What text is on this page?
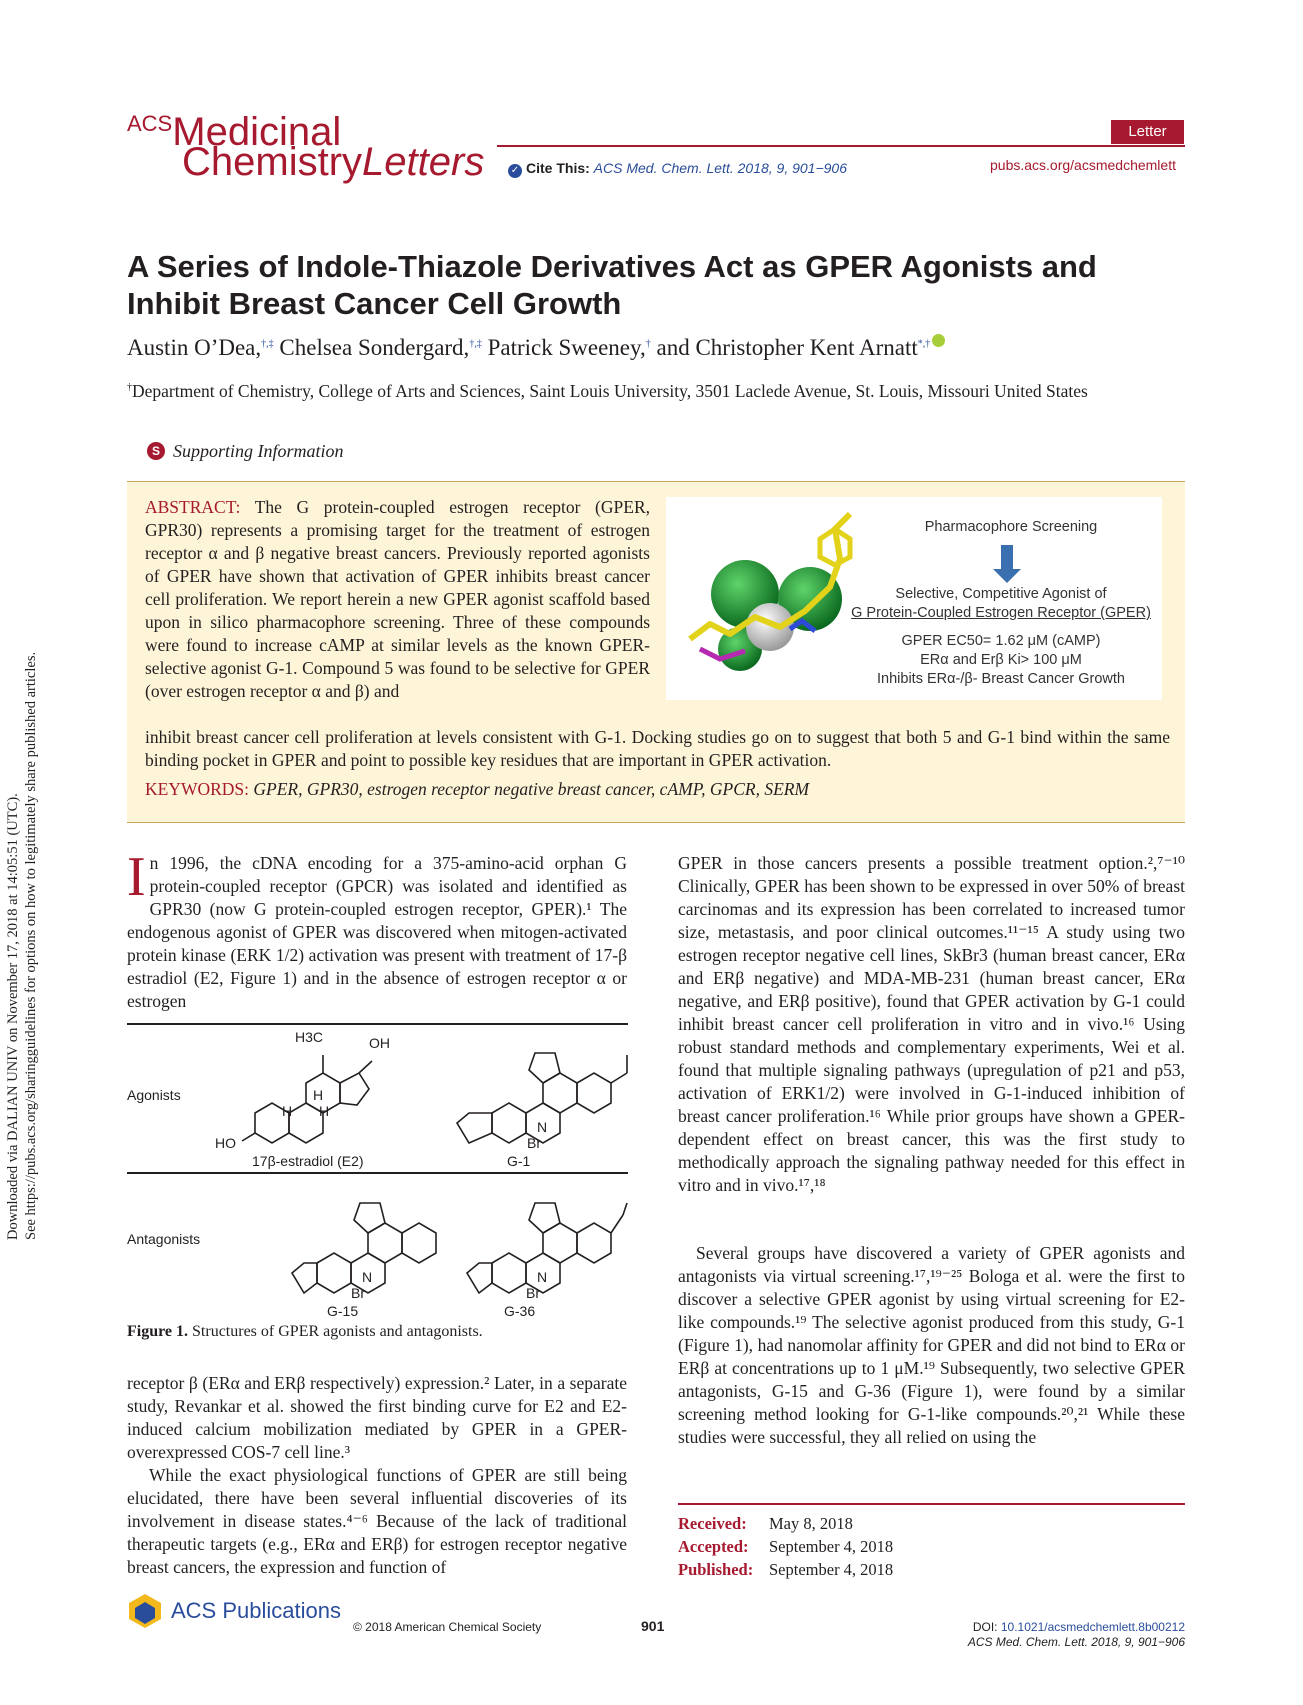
Downloaded via DALIAN UNIV on November 17, 2018 at 14:05:51 (UTC). See https://pubs.acs.org/sharingguidelines for options on how to legitimately share published articles.
$^{ACS}$Medicinal
ChemistryLetters
Letter
✓ Cite This: ACS Med. Chem. Lett. 2018, 9, 901−906	pubs.acs.org/acsmedchemlett
A Series of Indole-Thiazole Derivatives Act as GPER Agonists and Inhibit Breast Cancer Cell Growth
Austin O’Dea,†,‡ Chelsea Sondergard,†,‡ Patrick Sweeney,† and Christopher Kent Arnatt*,†
†Department of Chemistry, College of Arts and Sciences, Saint Louis University, 3501 Laclede Avenue, St. Louis, Missouri United States
S Supporting Information
ABSTRACT: The G protein-coupled estrogen receptor (GPER, GPR30) represents a promising target for the treatment of estrogen receptor α and β negative breast cancers. Previously reported agonists of GPER have shown that activation of GPER inhibits breast cancer cell proliferation. We report herein a new GPER agonist scaffold based upon in silico pharmacophore screening. Three of these compounds were found to increase cAMP at similar levels as the known GPER-selective agonist G-1. Compound 5 was found to be selective for GPER (over estrogen receptor α and β) and
inhibit breast cancer cell proliferation at levels consistent with G-1. Docking studies go on to suggest that both 5 and G-1 bind within the same binding pocket in GPER and point to possible key residues that are important in GPER activation.
KEYWORDS: GPER, GPR30, estrogen receptor negative breast cancer, cAMP, GPCR, SERM
Pharmacophore Screening
Selective, Competitive Agonist of
G Protein-Coupled Estrogen Receptor (GPER)
GPER EC50= 1.62 μM (cAMP)
ERα and Erβ Ki> 100 μM
Inhibits ERα-/β- Breast Cancer Growth
In 1996, the cDNA encoding for a 375-amino-acid orphan G protein-coupled receptor (GPCR) was isolated and identified as GPR30 (now G protein-coupled estrogen receptor, GPER).¹ The endogenous agonist of GPER was discovered when mitogen-activated protein kinase (ERK 1/2) activation was present with treatment of 17-β estradiol (E2, Figure 1) and in the absence of estrogen receptor α or estrogen
Agonists
Antagonists
H3C	OH
HO
H
H H
17β-estradiol (E2)
N
Br
G-1
N
Br
G-15
N
Br
G-36
Figure 1. Structures of GPER agonists and antagonists.
receptor β (ERα and ERβ respectively) expression.² Later, in a separate study, Revankar et al. showed the first binding curve for E2 and E2-induced calcium mobilization mediated by GPER in a GPER-overexpressed COS-7 cell line.³
While the exact physiological functions of GPER are still being elucidated, there have been several influential discoveries of its involvement in disease states.⁴⁻⁶ Because of the lack of traditional therapeutic targets (e.g., ERα and ERβ) for estrogen receptor negative breast cancers, the expression and function of
GPER in those cancers presents a possible treatment option.²,⁷⁻¹⁰ Clinically, GPER has been shown to be expressed in over 50% of breast carcinomas and its expression has been correlated to increased tumor size, metastasis, and poor clinical outcomes.¹¹⁻¹⁵ A study using two estrogen receptor negative cell lines, SkBr3 (human breast cancer, ERα and ERβ negative) and MDA-MB-231 (human breast cancer, ERα negative, and ERβ positive), found that GPER activation by G-1 could inhibit breast cancer cell proliferation in vitro and in vivo.¹⁶ Using robust standard methods and complementary experiments, Wei et al. found that multiple signaling pathways (upregulation of p21 and p53, activation of ERK1/2) were involved in G-1-induced inhibition of breast cancer proliferation.¹⁶ While prior groups have shown a GPER-dependent effect on breast cancer, this was the first study to methodically approach the signaling pathway needed for this effect in vitro and in vivo.¹⁷,¹⁸
Several groups have discovered a variety of GPER agonists and antagonists via virtual screening.¹⁷,¹⁹⁻²⁵ Bologa et al. were the first to discover a selective GPER agonist by using virtual screening for E2-like compounds.¹⁹ The selective agonist produced from this study, G-1 (Figure 1), had nanomolar affinity for GPER and did not bind to ERα or ERβ at concentrations up to 1 μM.¹⁹ Subsequently, two selective GPER antagonists, G-15 and G-36 (Figure 1), were found by a similar screening method looking for G-1-like compounds.²⁰,²¹ While these studies were successful, they all relied on using the
Received: May 8, 2018
Accepted: September 4, 2018
Published: September 4, 2018
ACS Publications
© 2018 American Chemical Society	901	DOI: 10.1021/acsmedchemlett.8b00212
ACS Med. Chem. Lett. 2018, 9, 901−906
